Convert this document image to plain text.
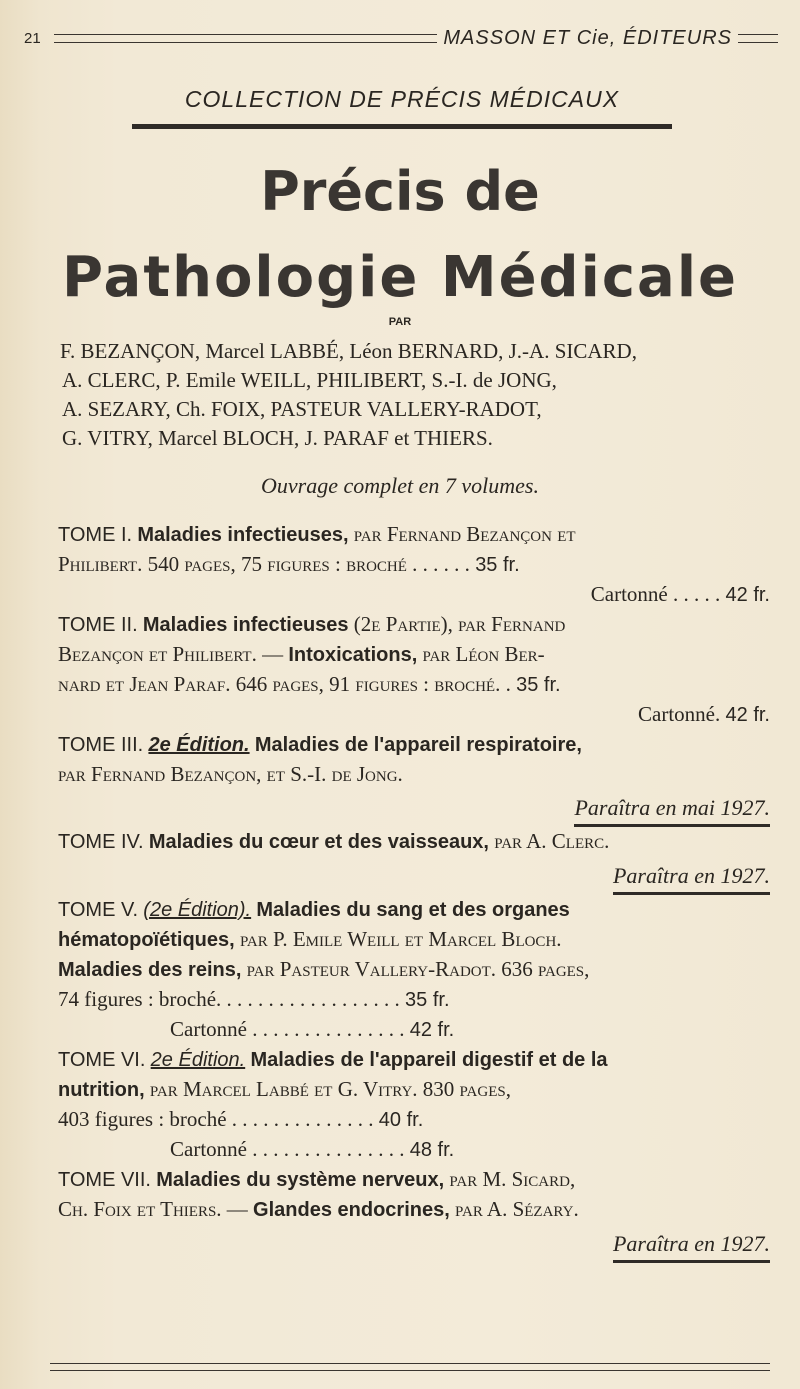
21	MASSON ET Cie, ÉDITEURS
COLLECTION DE PRÉCIS MÉDICAUX
Précis de
Pathologie Médicale
PAR
F. BEZANÇON, Marcel LABBÉ, Léon BERNARD, J.-A. SICARD,
A. CLERC, P. Emile WEILL, PHILIBERT, S.-I. de JONG,
A. SEZARY, Ch. FOIX, PASTEUR VALLERY-RADOT,
G. VITRY, Marcel BLOCH, J. PARAF et THIERS.
Ouvrage complet en 7 volumes.
TOME I. Maladies infectieuses, par Fernand Bezançon et
Philibert. 540 pages, 75 figures : broché . . . . . . 35 fr.
Cartonné . . . . . 42 fr.
TOME II. Maladies infectieuses (2e Partie), par Fernand
Bezançon et Philibert. — Intoxications, par Léon Ber-
nard et Jean Paraf. 646 pages, 91 figures : broché. . 35 fr.
Cartonné. 42 fr.
TOME III. 2e Édition. Maladies de l'appareil respiratoire,
par Fernand Bezançon, et S.-I. de Jong.
Paraîtra en mai 1927.
TOME IV. Maladies du cœur et des vaisseaux, par A. Clerc.
Paraîtra en 1927.
TOME V. (2e Édition). Maladies du sang et des organes
hématopoïétiques, par P. Emile Weill et Marcel Bloch.
Maladies des reins, par Pasteur Vallery-Radot. 636 pages,
74 figures : broché. . . . . . . . . . . . . . . . . . 35 fr.
Cartonné . . . . . . . . . . . . . . . 42 fr.
TOME VI. 2e Édition. Maladies de l'appareil digestif et de la
nutrition, par Marcel Labbé et G. Vitry. 830 pages,
403 figures : broché . . . . . . . . . . . . . . 40 fr.
Cartonné . . . . . . . . . . . . . . . 48 fr.
TOME VII. Maladies du système nerveux, par M. Sicard,
Ch. Foix et Thiers. — Glandes endocrines, par A. Sézary.
Paraîtra en 1927.
